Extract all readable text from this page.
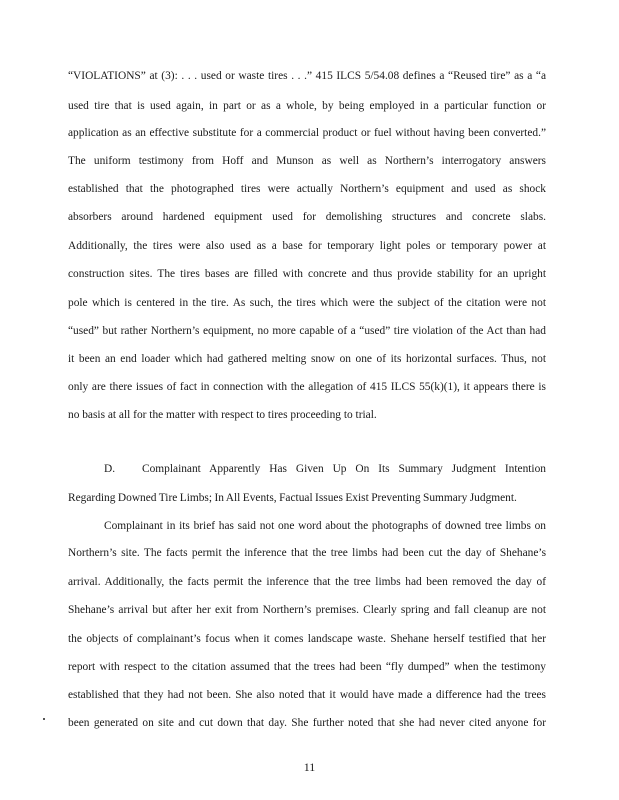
“VIOLATIONS” at (3): . . . used or waste tires . . .” 415 ILCS 5/54.08 defines a “Reused tire” as a “a
used tire that is used again, in part or as a whole, by being employed in a particular function or
application as an effective substitute for a commercial product or fuel without having been converted.”
The uniform testimony from Hoff and Munson as well as Northern’s interrogatory answers
established that the photographed tires were actually Northern’s equipment and used as shock
absorbers around hardened equipment used for demolishing structures and concrete slabs.
Additionally, the tires were also used as a base for temporary light poles or temporary power at
construction sites. The tires bases are filled with concrete and thus provide stability for an upright
pole which is centered in the tire. As such, the tires which were the subject of the citation were not
“used” but rather Northern’s equipment, no more capable of a “used” tire violation of the Act than had
it been an end loader which had gathered melting snow on one of its horizontal surfaces. Thus, not
only are there issues of fact in connection with the allegation of 415 ILCS 55(k)(1), it appears there is
no basis at all for the matter with respect to tires proceeding to trial.
D. Complainant Apparently Has Given Up On Its Summary Judgment Intention
Regarding Downed Tire Limbs; In All Events, Factual Issues Exist Preventing Summary Judgment.
Complainant in its brief has said not one word about the photographs of downed tree limbs on
Northern’s site. The facts permit the inference that the tree limbs had been cut the day of Shehane’s
arrival. Additionally, the facts permit the inference that the tree limbs had been removed the day of
Shehane’s arrival but after her exit from Northern’s premises. Clearly spring and fall cleanup are not
the objects of complainant’s focus when it comes landscape waste. Shehane herself testified that her
report with respect to the citation assumed that the trees had been “fly dumped” when the testimony
established that they had not been. She also noted that it would have made a difference had the trees
been generated on site and cut down that day. She further noted that she had never cited anyone for
11
